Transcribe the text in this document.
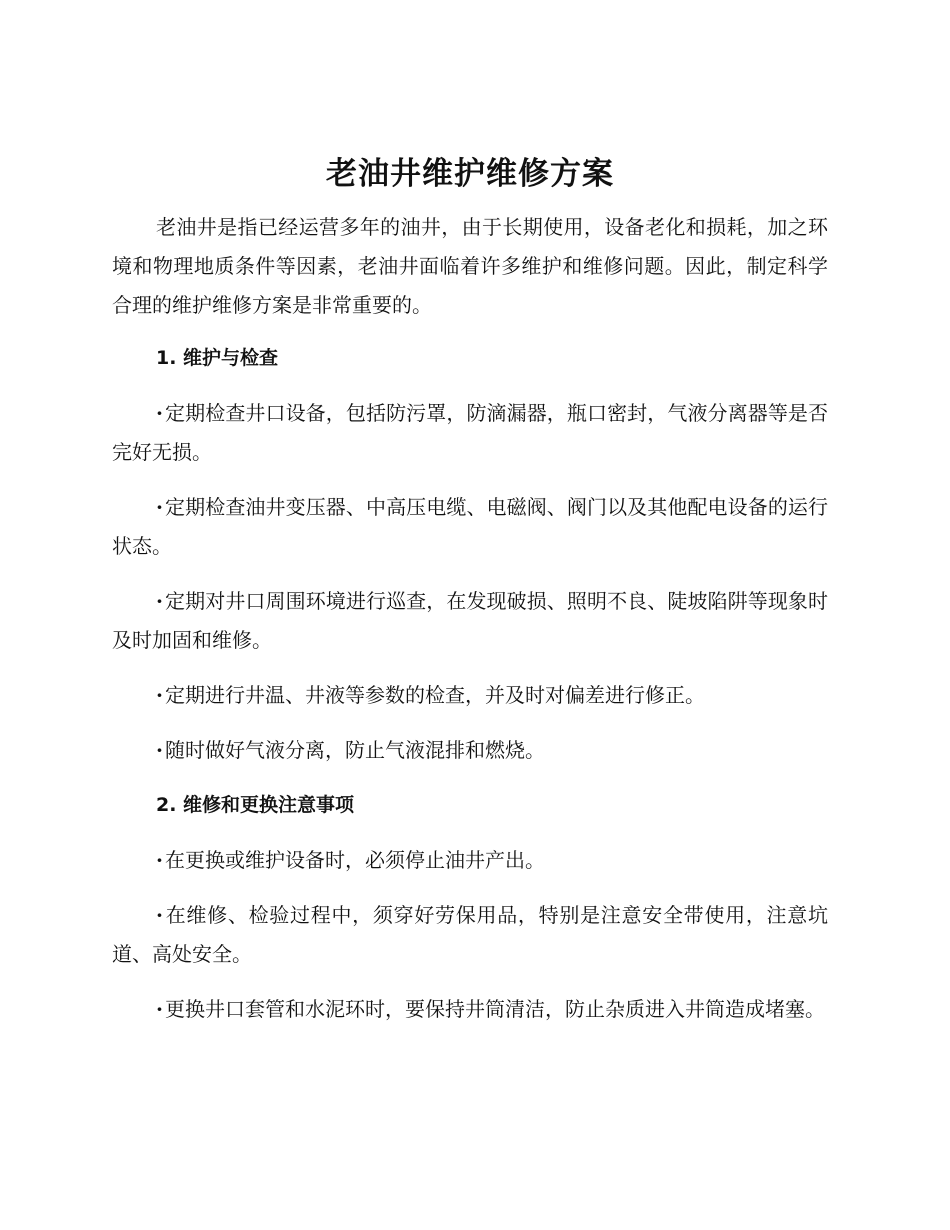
老油井维护维修方案

老油井是指已经运营多年的油井，由于长期使用，设备老化和损耗，加之环境和物理地质条件等因素，老油井面临着许多维护和维修问题。因此，制定科学合理的维护维修方案是非常重要的。

1. 维护与检查

· 定期检查井口设备，包括防污罩，防滴漏器，瓶口密封，气液分离器等是否完好无损。

· 定期检查油井变压器、中高压电缆、电磁阀、阀门以及其他配电设备的运行状态。

· 定期对井口周围环境进行巡查，在发现破损、照明不良、陡坡陷阱等现象时及时加固和维修。

· 定期进行井温、井液等参数的检查，并及时对偏差进行修正。

· 随时做好气液分离，防止气液混排和燃烧。

2. 维修和更换注意事项

· 在更换或维护设备时，必须停止油井产出。

· 在维修、检验过程中，须穿好劳保用品，特别是注意安全带使用，注意坑道、高处安全。

· 更换井口套管和水泥环时，要保持井筒清洁，防止杂质进入井筒造成堵塞。
